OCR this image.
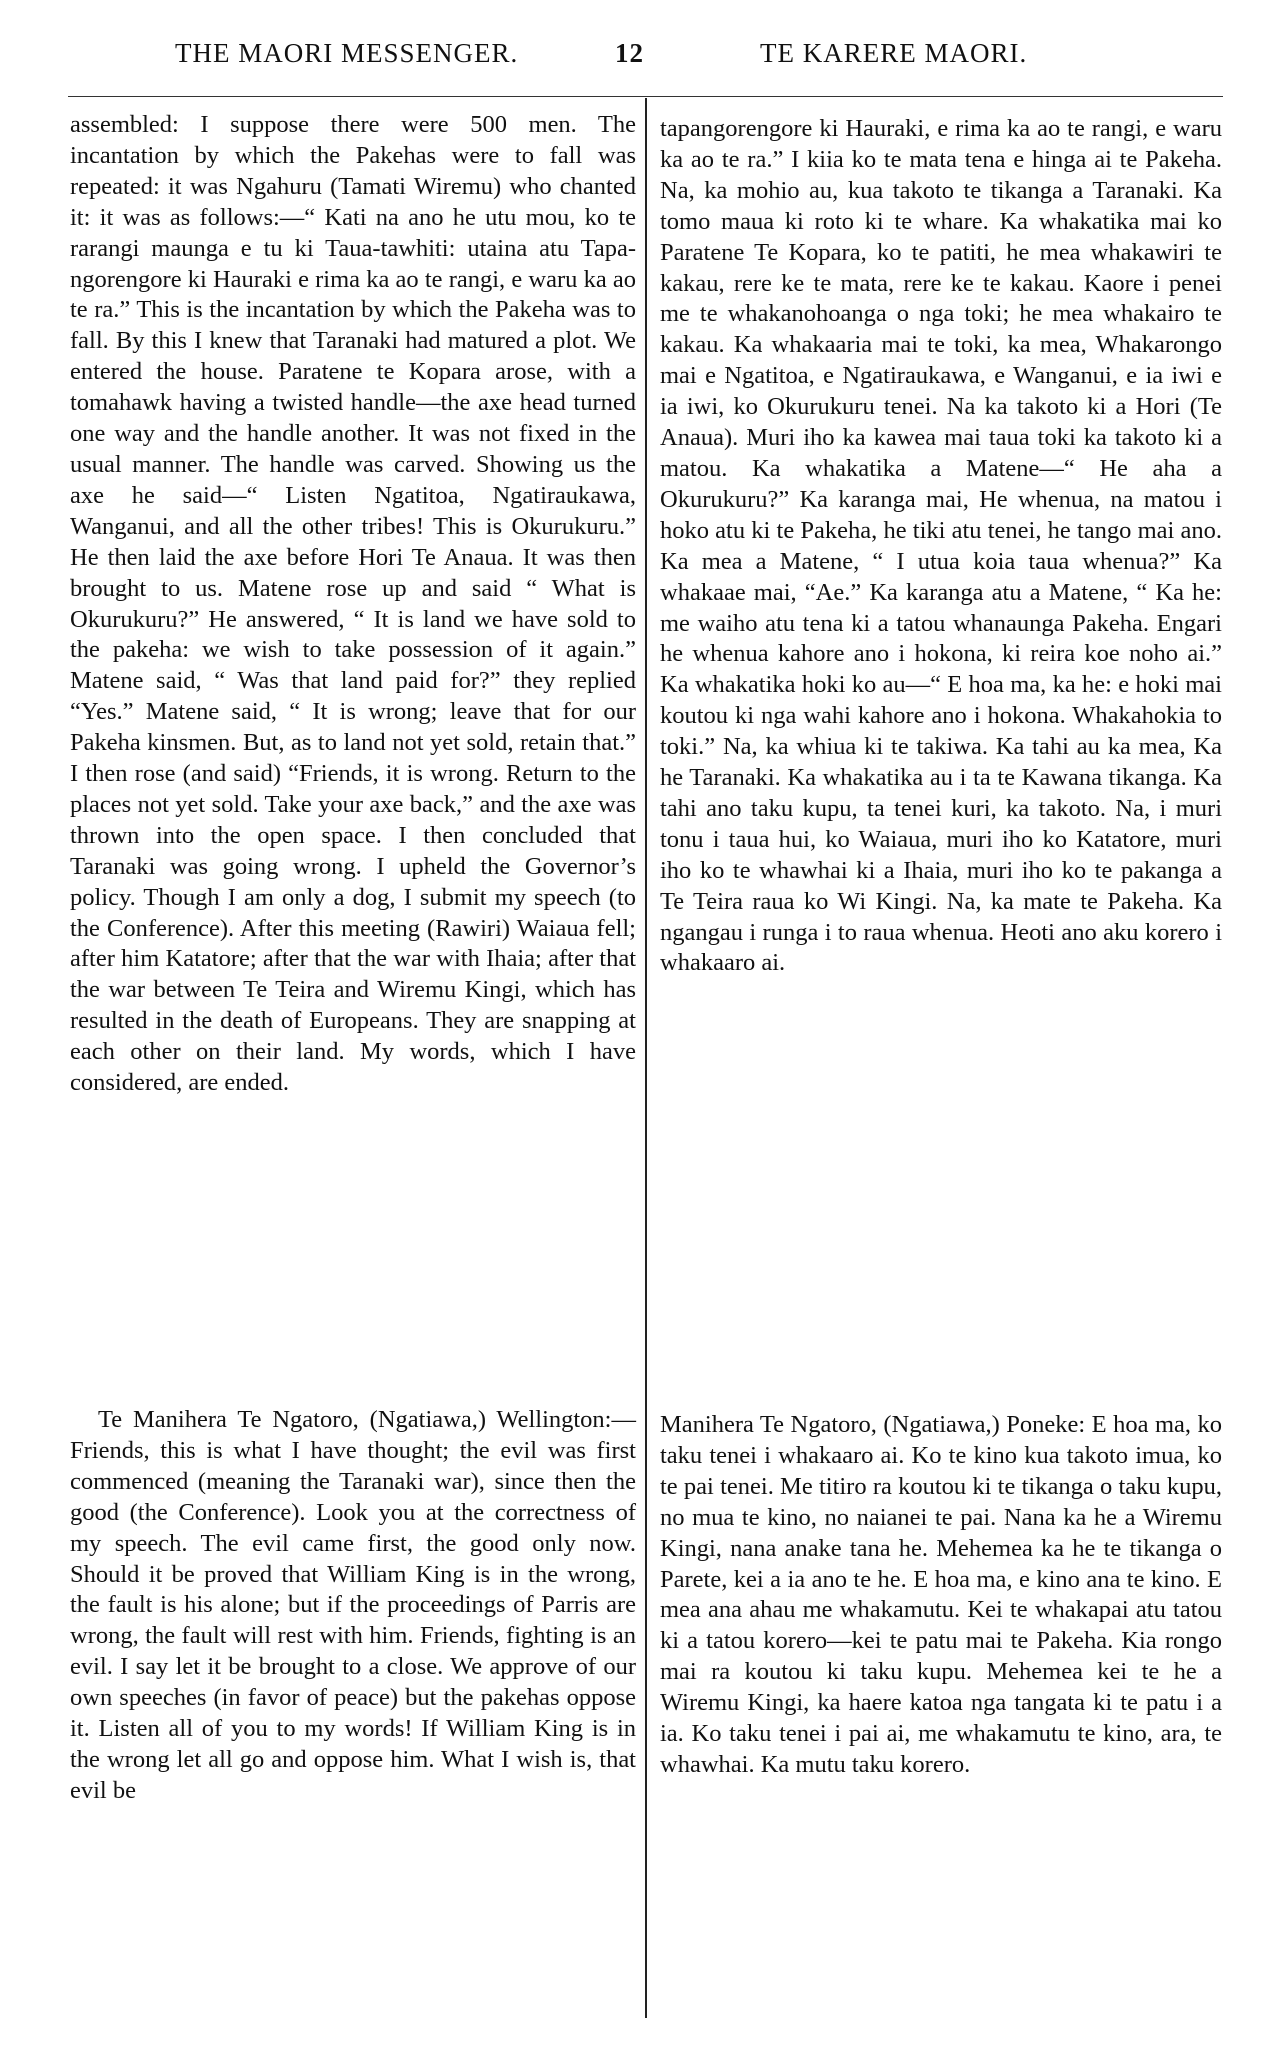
THE MAORI MESSENGER.	12	TE KARERE MAORI.

assembled: I suppose there were 500 men. The incantation by which the Pakehas were to fall was repeated: it was Ngahuru (Tamati Wiremu) who chanted it: it was as follows:—“ Kati na ano he utu mou, ko te rarangi maunga e tu ki Taua-tawhiti: utaina atu Tapa-ngorengore ki Hauraki e rima ka ao te rangi, e waru ka ao te ra.” This is the incantation by which the Pakeha was to fall. By this I knew that Taranaki had matured a plot. We entered the house. Paratene te Kopara arose, with a tomahawk having a twisted handle—the axe head turned one way and the handle another. It was not fixed in the usual manner. The handle was carved. Showing us the axe he said—“ Listen Ngatitoa, Ngatiraukawa, Wanganui, and all the other tribes! This is Okurukuru.” He then laid the axe before Hori Te Anaua. It was then brought to us. Matene rose up and said “ What is Okurukuru?” He answered, “ It is land we have sold to the pakeha: we wish to take possession of it again.” Matene said, “ Was that land paid for?” they replied “Yes.” Matene said, “ It is wrong; leave that for our Pakeha kinsmen. But, as to land not yet sold, retain that.” I then rose (and said) “Friends, it is wrong. Return to the places not yet sold. Take your axe back,” and the axe was thrown into the open space. I then concluded that Taranaki was going wrong. I upheld the Governor’s policy. Though I am only a dog, I submit my speech (to the Conference). After this meeting (Rawiri) Waiaua fell; after him Katatore; after that the war with Ihaia; after that the war between Te Teira and Wiremu Kingi, which has resulted in the death of Europeans. They are snapping at each other on their land. My words, which I have considered, are ended.

Te Manihera Te Ngatoro, (Ngatiawa,) Wellington:—Friends, this is what I have thought; the evil was first commenced (meaning the Taranaki war), since then the good (the Conference). Look you at the correctness of my speech. The evil came first, the good only now. Should it be proved that William King is in the wrong, the fault is his alone; but if the proceedings of Parris are wrong, the fault will rest with him. Friends, fighting is an evil. I say let it be brought to a close. We approve of our own speeches (in favor of peace) but the pakehas oppose it. Listen all of you to my words! If William King is in the wrong let all go and oppose him. What I wish is, that evil be

tapangorengore ki Hauraki, e rima ka ao te rangi, e waru ka ao te ra.” I kiia ko te mata tena e hinga ai te Pakeha. Na, ka mohio au, kua takoto te tikanga a Taranaki. Ka tomo maua ki roto ki te whare. Ka whakatika mai ko Paratene Te Kopara, ko te patiti, he mea whakawiri te kakau, rere ke te mata, rere ke te kakau. Kaore i penei me te whakanohoanga o nga toki; he mea whakairo te kakau. Ka whakaaria mai te toki, ka mea, Whakarongo mai e Ngatitoa, e Ngatiraukawa, e Wanganui, e ia iwi e ia iwi, ko Okurukuru tenei. Na ka takoto ki a Hori (Te Anaua). Muri iho ka kawea mai taua toki ka takoto ki a matou. Ka whakatika a Matene—“ He aha a Okurukuru?” Ka karanga mai, He whenua, na matou i hoko atu ki te Pakeha, he tiki atu tenei, he tango mai ano. Ka mea a Matene, “ I utua koia taua whenua?” Ka whakaae mai, “Ae.” Ka karanga atu a Matene, “ Ka he: me waiho atu tena ki a tatou whanaunga Pakeha. Engari he whenua kahore ano i hokona, ki reira koe noho ai.” Ka whakatika hoki ko au—“ E hoa ma, ka he: e hoki mai koutou ki nga wahi kahore ano i hokona. Whakahokia to toki.” Na, ka whiua ki te takiwa. Ka tahi au ka mea, Ka he Taranaki. Ka whakatika au i ta te Kawana tikanga. Ka tahi ano taku kupu, ta tenei kuri, ka takoto. Na, i muri tonu i taua hui, ko Waiaua, muri iho ko Katatore, muri iho ko te whawhai ki a Ihaia, muri iho ko te pakanga a Te Teira raua ko Wi Kingi. Na, ka mate te Pakeha. Ka ngangau i runga i to raua whenua. Heoti ano aku korero i whakaaro ai.

Manihera Te Ngatoro, (Ngatiawa,) Poneke: E hoa ma, ko taku tenei i whakaaro ai. Ko te kino kua takoto imua, ko te pai tenei. Me titiro ra koutou ki te tikanga o taku kupu, no mua te kino, no naianei te pai. Nana ka he a Wiremu Kingi, nana anake tana he. Mehemea ka he te tikanga o Parete, kei a ia ano te he. E hoa ma, e kino ana te kino. E mea ana ahau me whakamutu. Kei te whakapai atu tatou ki a tatou korero—kei te patu mai te Pakeha. Kia rongo mai ra koutou ki taku kupu. Mehemea kei te he a Wiremu Kingi, ka haere katoa nga tangata ki te patu i a ia. Ko taku tenei i pai ai, me whakamutu te kino, ara, te whawhai. Ka mutu taku korero.
